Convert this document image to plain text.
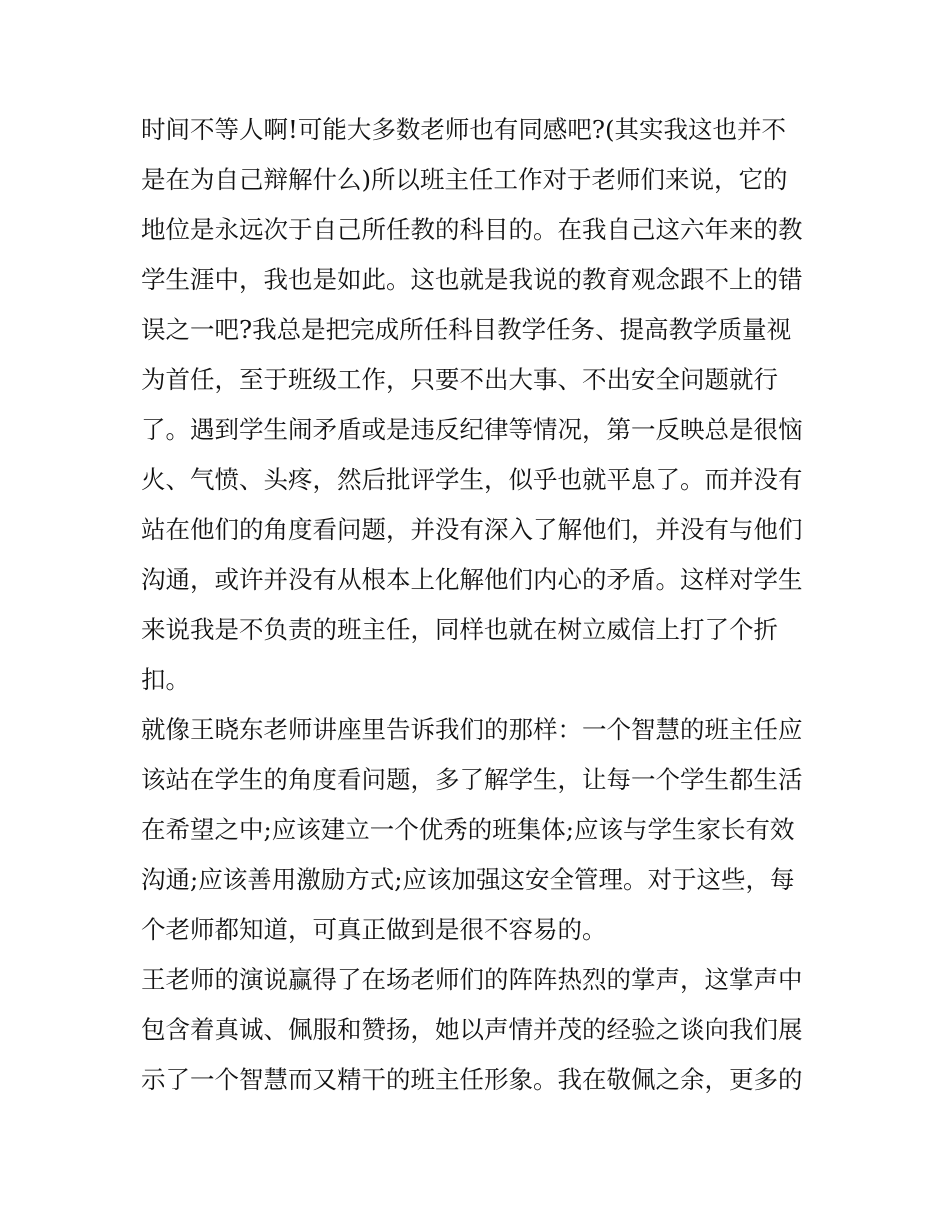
时间不等人啊!可能大多数老师也有同感吧?(其实我这也并不
是在为自己辩解什么)所以班主任工作对于老师们来说，它的
地位是永远次于自己所任教的科目的。在我自己这六年来的教
学生涯中，我也是如此。这也就是我说的教育观念跟不上的错
误之一吧?我总是把完成所任科目教学任务、提高教学质量视
为首任，至于班级工作，只要不出大事、不出安全问题就行
了。遇到学生闹矛盾或是违反纪律等情况，第一反映总是很恼
火、气愤、头疼，然后批评学生，似乎也就平息了。而并没有
站在他们的角度看问题，并没有深入了解他们，并没有与他们
沟通，或许并没有从根本上化解他们内心的矛盾。这样对学生
来说我是不负责的班主任，同样也就在树立威信上打了个折
扣。
就像王晓东老师讲座里告诉我们的那样：一个智慧的班主任应
该站在学生的角度看问题，多了解学生，让每一个学生都生活
在希望之中;应该建立一个优秀的班集体;应该与学生家长有效
沟通;应该善用激励方式;应该加强这安全管理。对于这些，每
个老师都知道，可真正做到是很不容易的。
王老师的演说赢得了在场老师们的阵阵热烈的掌声，这掌声中
包含着真诚、佩服和赞扬，她以声情并茂的经验之谈向我们展
示了一个智慧而又精干的班主任形象。我在敬佩之余，更多的
